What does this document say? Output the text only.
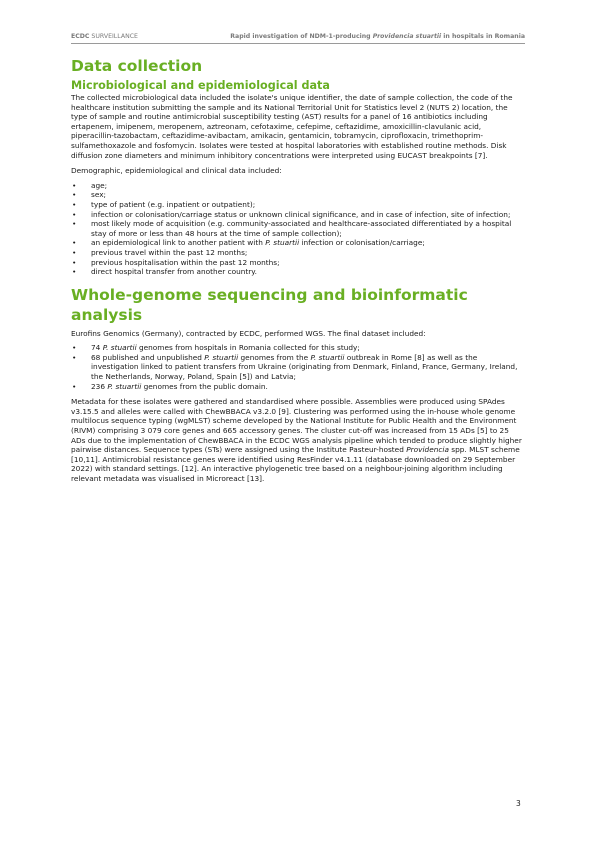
ECDC SURVEILLANCE	Rapid investigation of NDM-1-producing Providencia stuartii in hospitals in Romania
Data collection
Microbiological and epidemiological data

The collected microbiological data included the isolate's unique identifier, the date of sample collection, the code of the healthcare institution submitting the sample and its National Territorial Unit for Statistics level 2 (NUTS 2) location, the type of sample and routine antimicrobial susceptibility testing (AST) results for a panel of 16 antibiotics including ertapenem, imipenem, meropenem, aztreonam, cefotaxime, cefepime, ceftazidime, amoxicillin-clavulanic acid, piperacillin-tazobactam, ceftazidime-avibactam, amikacin, gentamicin, tobramycin, ciprofloxacin, trimethoprim-sulfamethoxazole and fosfomycin. Isolates were tested at hospital laboratories with established routine methods. Disk diffusion zone diameters and minimum inhibitory concentrations were interpreted using EUCAST breakpoints [7].

Demographic, epidemiological and clinical data included:

• age;
• sex;
• type of patient (e.g. inpatient or outpatient);
• infection or colonisation/carriage status or unknown clinical significance, and in case of infection, site of infection;
• most likely mode of acquisition (e.g. community-associated and healthcare-associated differentiated by a hospital stay of more or less than 48 hours at the time of sample collection);
• an epidemiological link to another patient with P. stuartii infection or colonisation/carriage;
• previous travel within the past 12 months;
• previous hospitalisation within the past 12 months;
• direct hospital transfer from another country.
Whole-genome sequencing and bioinformatic analysis

Eurofins Genomics (Germany), contracted by ECDC, performed WGS. The final dataset included:

• 74 P. stuartii genomes from hospitals in Romania collected for this study;
• 68 published and unpublished P. stuartii genomes from the P. stuartii outbreak in Rome [8] as well as the investigation linked to patient transfers from Ukraine (originating from Denmark, Finland, France, Germany, Ireland, the Netherlands, Norway, Poland, Spain [5]) and Latvia;
• 236 P. stuartii genomes from the public domain.

Metadata for these isolates were gathered and standardised where possible. Assemblies were produced using SPAdes v3.15.5 and alleles were called with ChewBBACA v3.2.0 [9]. Clustering was performed using the in-house whole genome multilocus sequence typing (wgMLST) scheme developed by the National Institute for Public Health and the Environment (RIVM) comprising 3 079 core genes and 665 accessory genes. The cluster cut-off was increased from 15 ADs [5] to 25 ADs due to the implementation of ChewBBACA in the ECDC WGS analysis pipeline which tended to produce slightly higher pairwise distances. Sequence types (STs) were assigned using the Institute Pasteur-hosted Providencia spp. MLST scheme [10,11]. Antimicrobial resistance genes were identified using ResFinder v4.1.11 (database downloaded on 29 September 2022) with standard settings. [12]. An interactive phylogenetic tree based on a neighbour-joining algorithm including relevant metadata was visualised in Microreact [13].

3
